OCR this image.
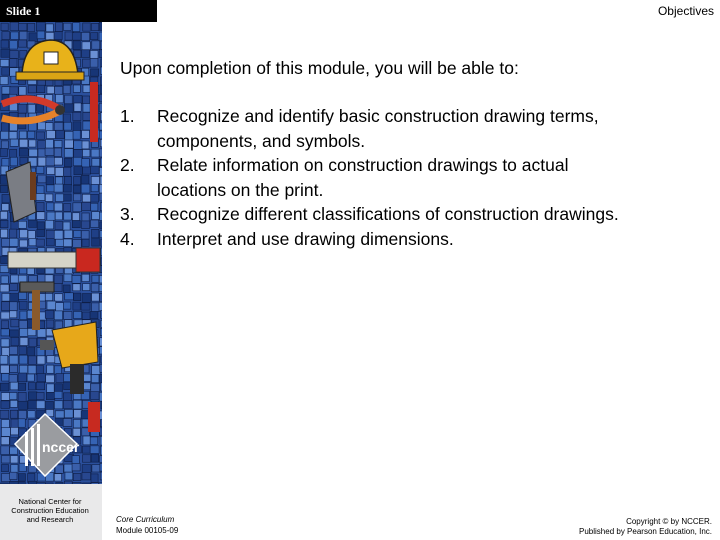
Slide 1	Objectives
nccer
National Center for Construction Education and Research
Upon completion of this module, you will be able to:
1. Recognize and identify basic construction drawing terms,
components, and symbols.
2. Relate information on construction drawings to actual
locations on the print.
3. Recognize different classifications of construction drawings.
4. Interpret and use drawing dimensions.
Core Curriculum
Module 00105-09
Copyright © by NCCER.
Published by Pearson Education, Inc.
